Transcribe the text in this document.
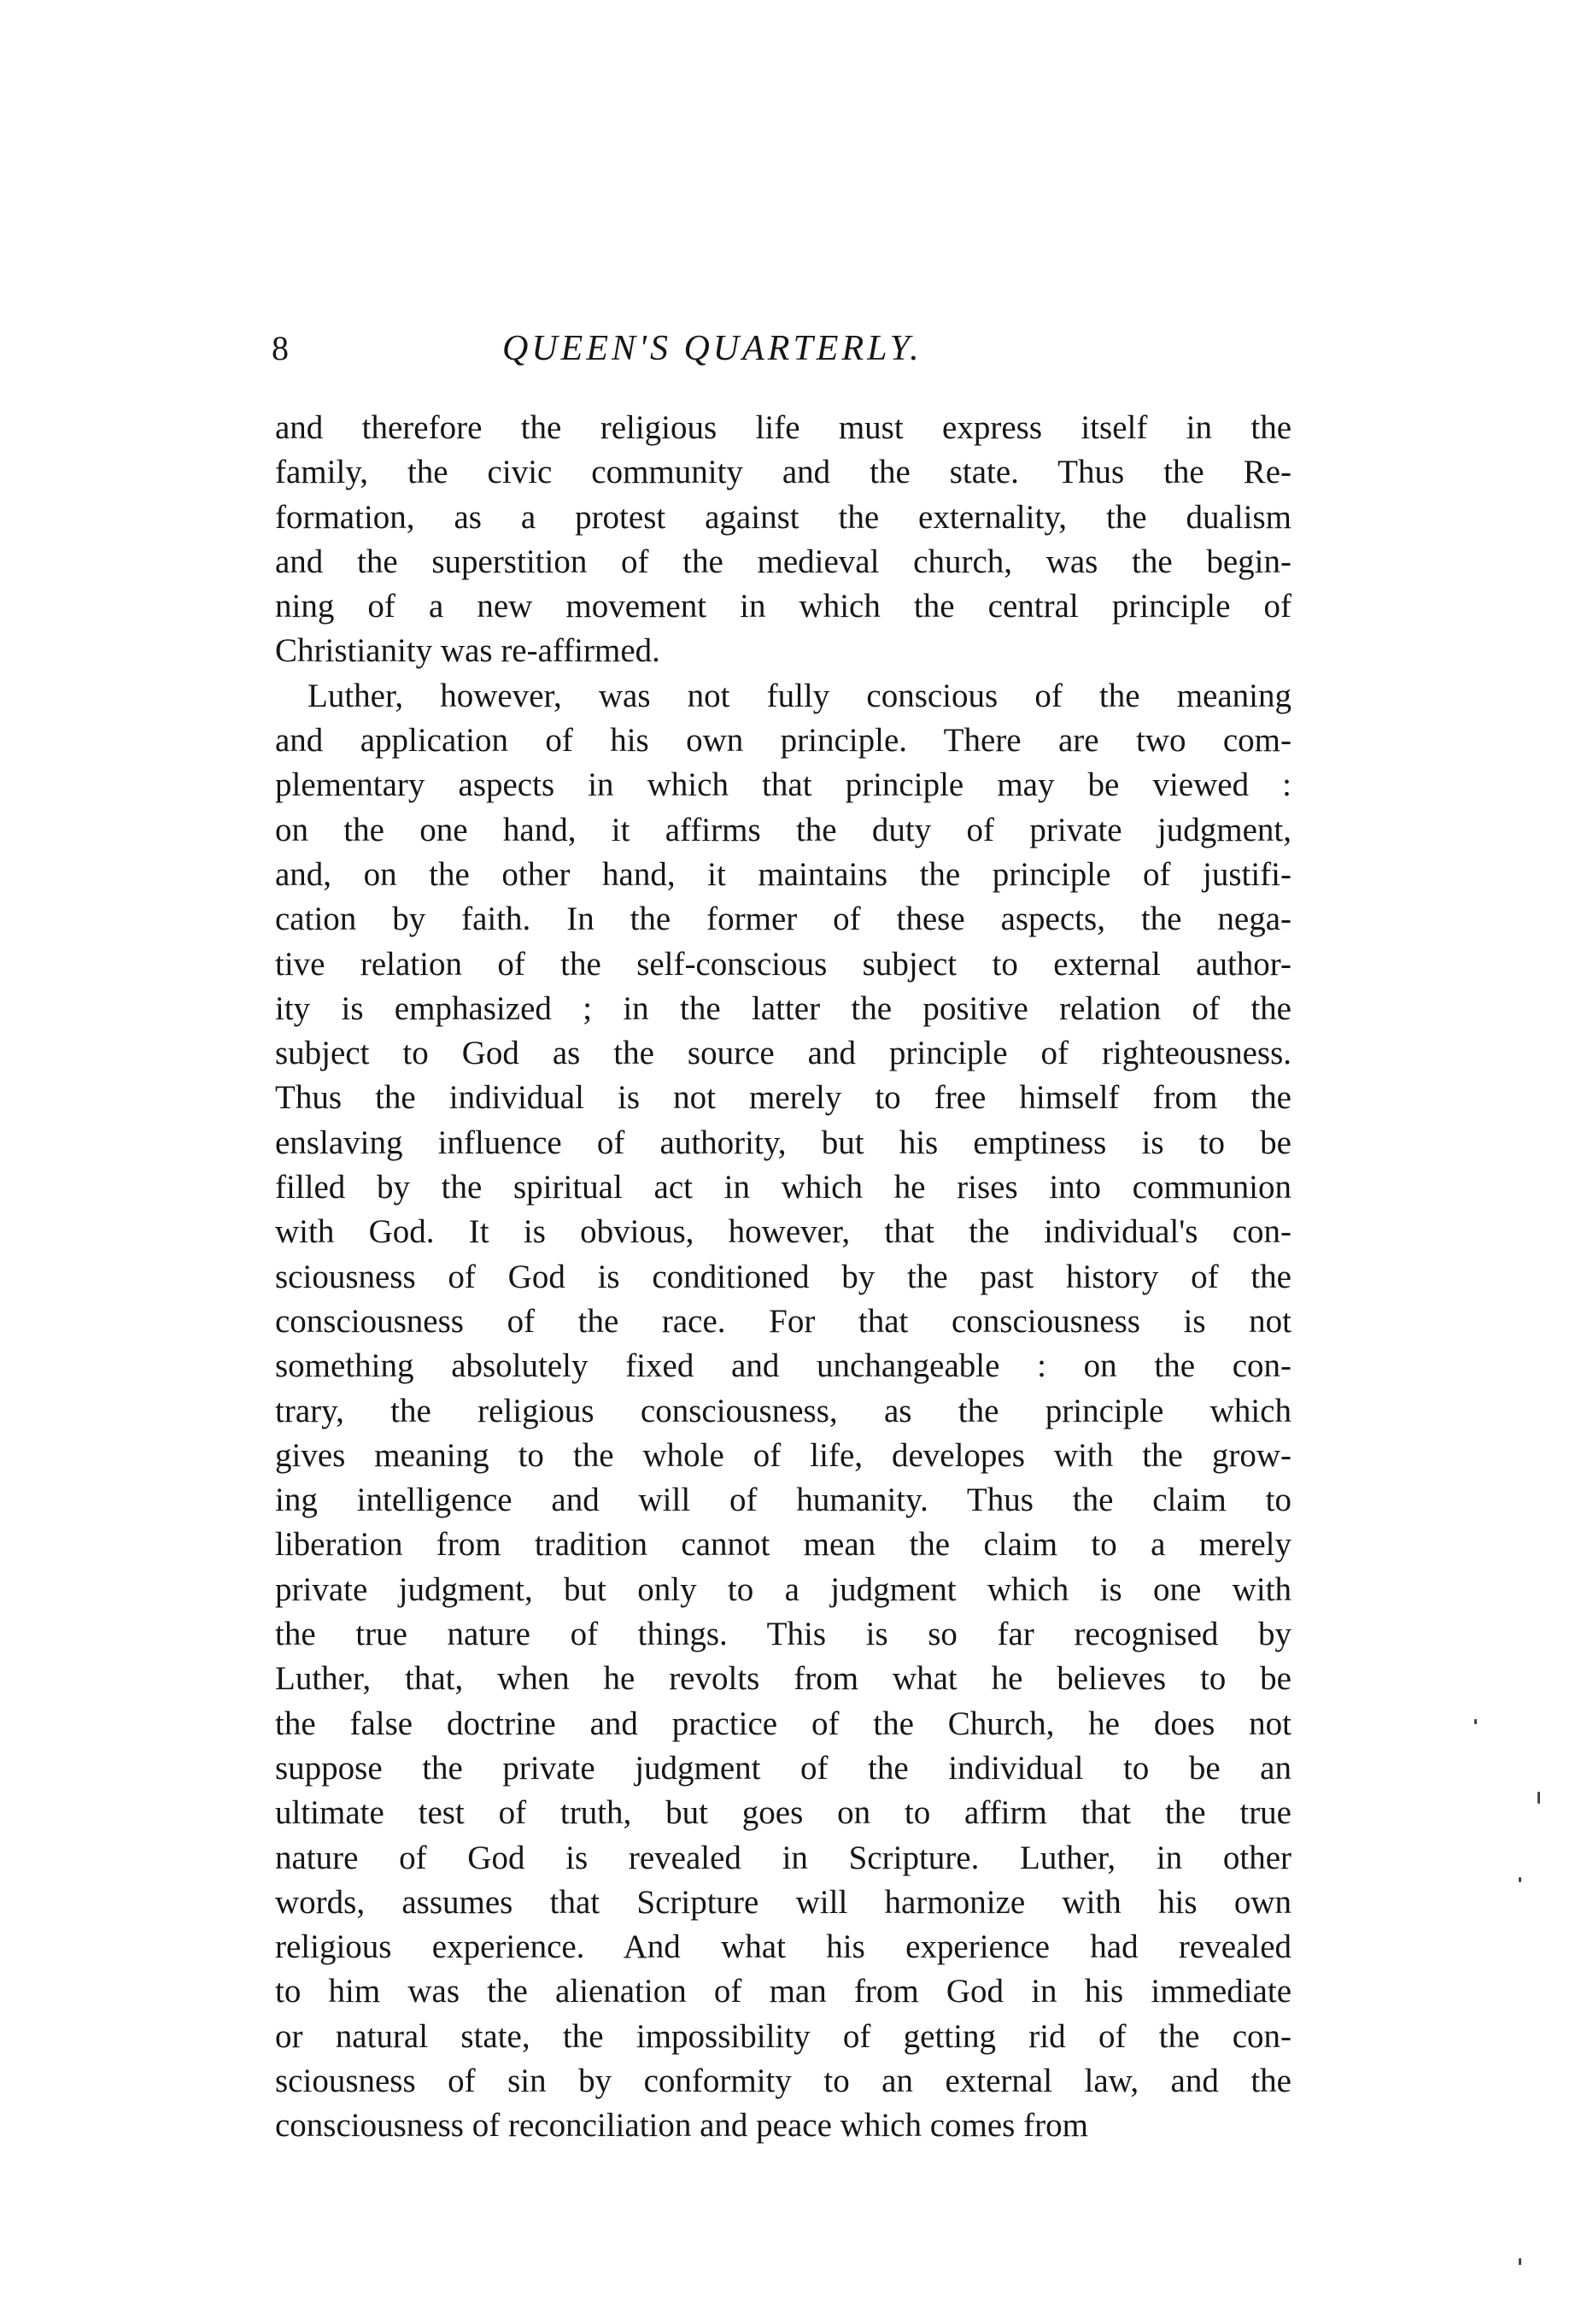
8	QUEEN'S QUARTERLY.
and therefore the religious life must express itself in the
family, the civic community and the state. Thus the Re-
formation, as a protest against the externality, the dualism
and the superstition of the medieval church, was the begin-
ning of a new movement in which the central principle of
Christianity was re-affirmed.
Luther, however, was not fully conscious of the meaning
and application of his own principle. There are two com-
plementary aspects in which that principle may be viewed :
on the one hand, it affirms the duty of private judgment,
and, on the other hand, it maintains the principle of justifi-
cation by faith. In the former of these aspects, the nega-
tive relation of the self-conscious subject to external author-
ity is emphasized ; in the latter the positive relation of the
subject to God as the source and principle of righteousness.
Thus the individual is not merely to free himself from the
enslaving influence of authority, but his emptiness is to be
filled by the spiritual act in which he rises into communion
with God. It is obvious, however, that the individual's con-
sciousness of God is conditioned by the past history of the
consciousness of the race. For that consciousness is not
something absolutely fixed and unchangeable : on the con-
trary, the religious consciousness, as the principle which
gives meaning to the whole of life, developes with the grow-
ing intelligence and will of humanity. Thus the claim to
liberation from tradition cannot mean the claim to a merely
private judgment, but only to a judgment which is one with
the true nature of things. This is so far recognised by
Luther, that, when he revolts from what he believes to be
the false doctrine and practice of the Church, he does not
suppose the private judgment of the individual to be an
ultimate test of truth, but goes on to affirm that the true
nature of God is revealed in Scripture. Luther, in other
words, assumes that Scripture will harmonize with his own
religious experience. And what his experience had revealed
to him was the alienation of man from God in his immediate
or natural state, the impossibility of getting rid of the con-
sciousness of sin by conformity to an external law, and the
consciousness of reconciliation and peace which comes from
